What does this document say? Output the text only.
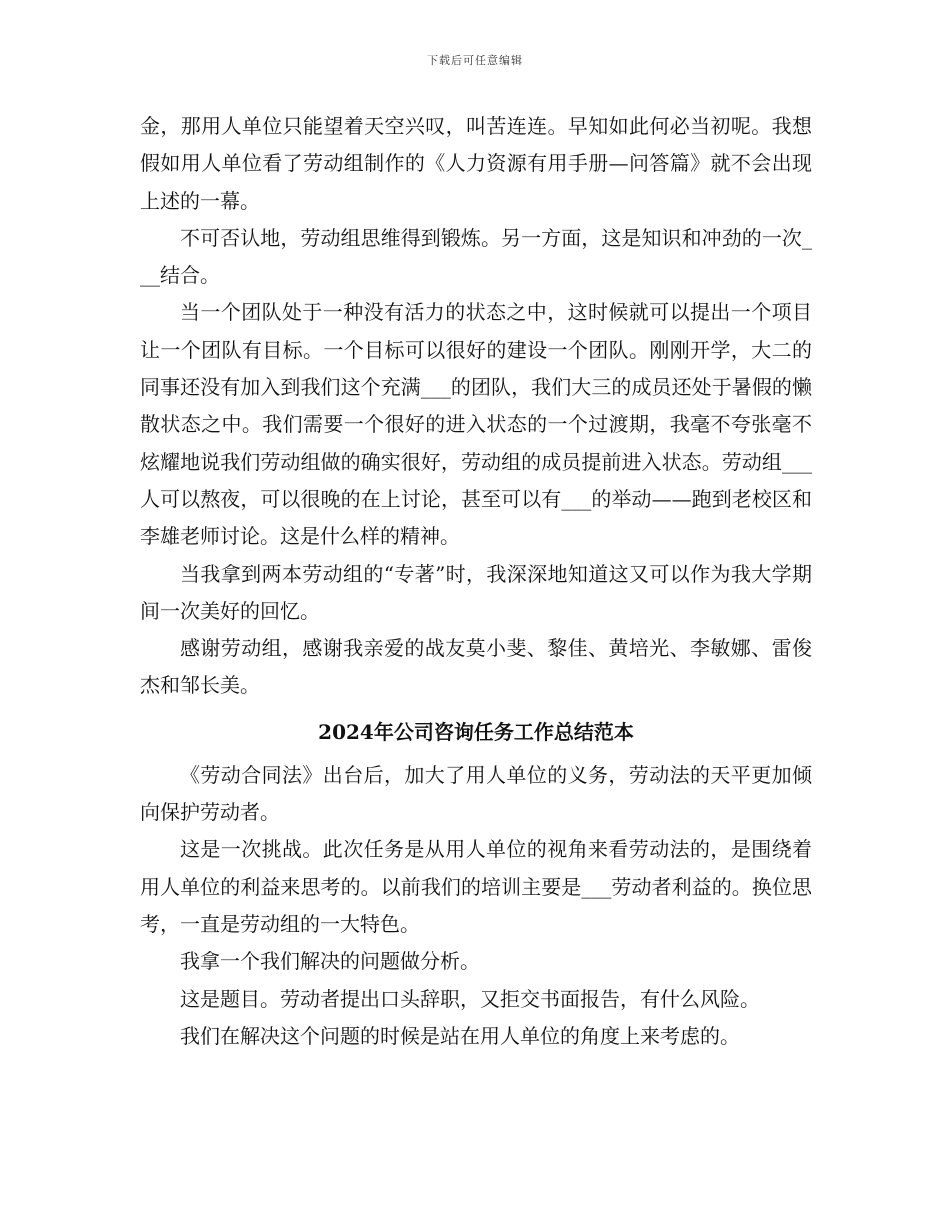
下载后可任意编辑

金，那用人单位只能望着天空兴叹，叫苦连连。早知如此何必当初呢。我想假如用人单位看了劳动组制作的《人力资源有用手册—问答篇》就不会出现上述的一幕。

不可否认地，劳动组思维得到锻炼。另一方面，这是知识和冲劲的一次___结合。

当一个团队处于一种没有活力的状态之中，这时候就可以提出一个项目让一个团队有目标。一个目标可以很好的建设一个团队。刚刚开学，大二的同事还没有加入到我们这个充满___的团队，我们大三的成员还处于暑假的懒散状态之中。我们需要一个很好的进入状态的一个过渡期，我毫不夸张毫不炫耀地说我们劳动组做的确实很好，劳动组的成员提前进入状态。劳动组___人可以熬夜，可以很晚的在上讨论，甚至可以有___的举动——跑到老校区和李雄老师讨论。这是什么样的精神。

当我拿到两本劳动组的“专著”时，我深深地知道这又可以作为我大学期间一次美好的回忆。

感谢劳动组，感谢我亲爱的战友莫小斐、黎佳、黄培光、李敏娜、雷俊杰和邹长美。

2024年公司咨询任务工作总结范本

《劳动合同法》出台后，加大了用人单位的义务，劳动法的天平更加倾向保护劳动者。

这是一次挑战。此次任务是从用人单位的视角来看劳动法的，是围绕着用人单位的利益来思考的。以前我们的培训主要是___劳动者利益的。换位思考，一直是劳动组的一大特色。

我拿一个我们解决的问题做分析。

这是题目。劳动者提出口头辞职，又拒交书面报告，有什么风险。

我们在解决这个问题的时候是站在用人单位的角度上来考虑的。
